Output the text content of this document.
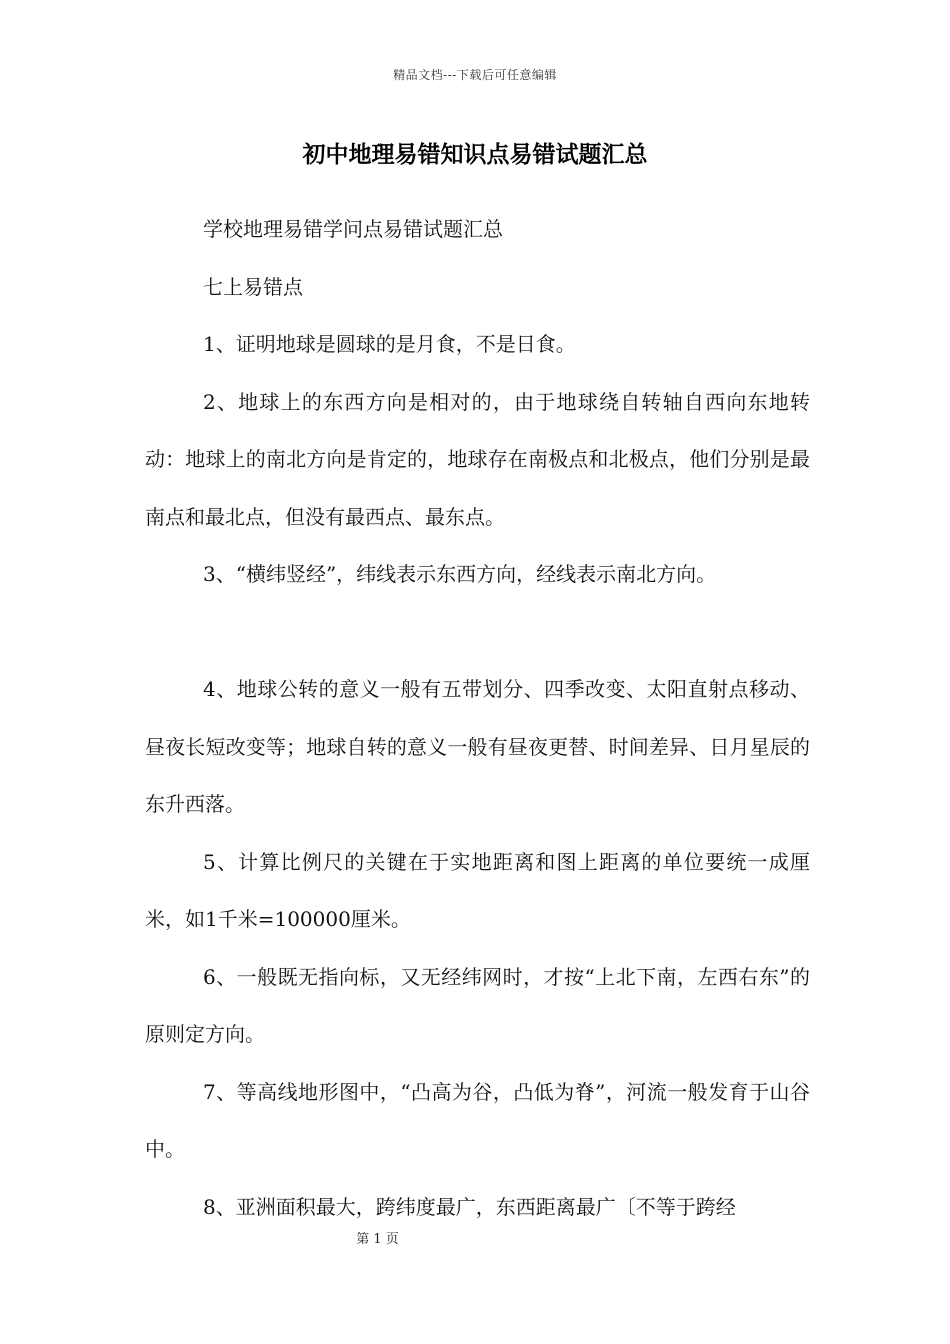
精品文档---下载后可任意编辑
初中地理易错知识点易错试题汇总

学校地理易错学问点易错试题汇总

七上易错点

1、证明地球是圆球的是月食，不是日食。

2、地球上的东西方向是相对的，由于地球绕自转轴自西向东地转动：地球上的南北方向是肯定的，地球存在南极点和北极点，他们分别是最南点和最北点，但没有最西点、最东点。

3、“横纬竖经”，纬线表示东西方向，经线表示南北方向。

4、地球公转的意义一般有五带划分、四季改变、太阳直射点移动、昼夜长短改变等；地球自转的意义一般有昼夜更替、时间差异、日月星辰的东升西落。

5、计算比例尺的关键在于实地距离和图上距离的单位要统一成厘米，如1千米=100000厘米。

6、一般既无指向标，又无经纬网时，才按“上北下南，左西右东”的原则定方向。

7、等高线地形图中，“凸高为谷，凸低为脊”，河流一般发育于山谷中。

8、亚洲面积最大，跨纬度最广，东西距离最广〔不等于跨经

第 1 页
